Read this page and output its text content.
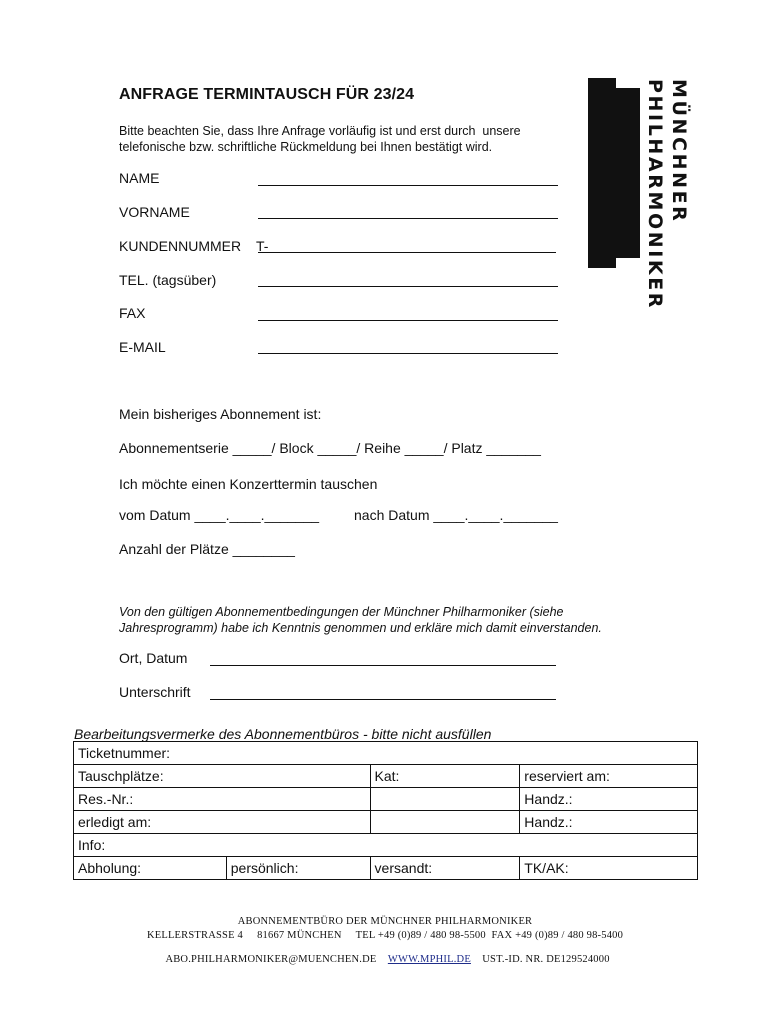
ANFRAGE TERMINTAUSCH FÜR 23/24
Bitte beachten Sie, dass Ihre Anfrage vorläufig ist und erst durch  unsere
telefonische bzw. schriftliche Rückmeldung bei Ihnen bestätigt wird.	MÜNCHNER
PHILHARMONIKER
NAME
VORNAME
KUNDENNUMMER T-
TEL. (tagsüber)
FAX
E-MAIL
Mein bisheriges Abonnement ist:
Abonnementserie _____/ Block _____/ Reihe _____/ Platz _______
Ich möchte einen Konzerttermin tauschen
vom Datum ____.____._______ nach Datum ____.____._______
Anzahl der Plätze ________
Von den gültigen Abonnementbedingungen der Münchner Philharmoniker (siehe
Jahresprogramm) habe ich Kenntnis genommen und erkläre mich damit einverstanden.
Ort, Datum
Unterschrift
Bearbeitungsvermerke des Abonnementbüros - bitte nicht ausfüllen
Ticketnummer:			
Tauschplätze:		Kat:	reserviert am:
Res.-Nr.:			Handz.:
erledigt am:			Handz.:
Info:			
Abholung:	persönlich:	versandt:	TK/AK:
ABONNEMENTBÜRO DER MÜNCHNER PHILHARMONIKER
KELLERSTRASSE 4     81667 MÜNCHEN     TEL +49 (0)89 / 480 98-5500  FAX +49 (0)89 / 480 98-5400

ABO.PHILHARMONIKER@MUENCHEN.DE WWW.MPHIL.DE UST.-ID. NR. DE129524000
